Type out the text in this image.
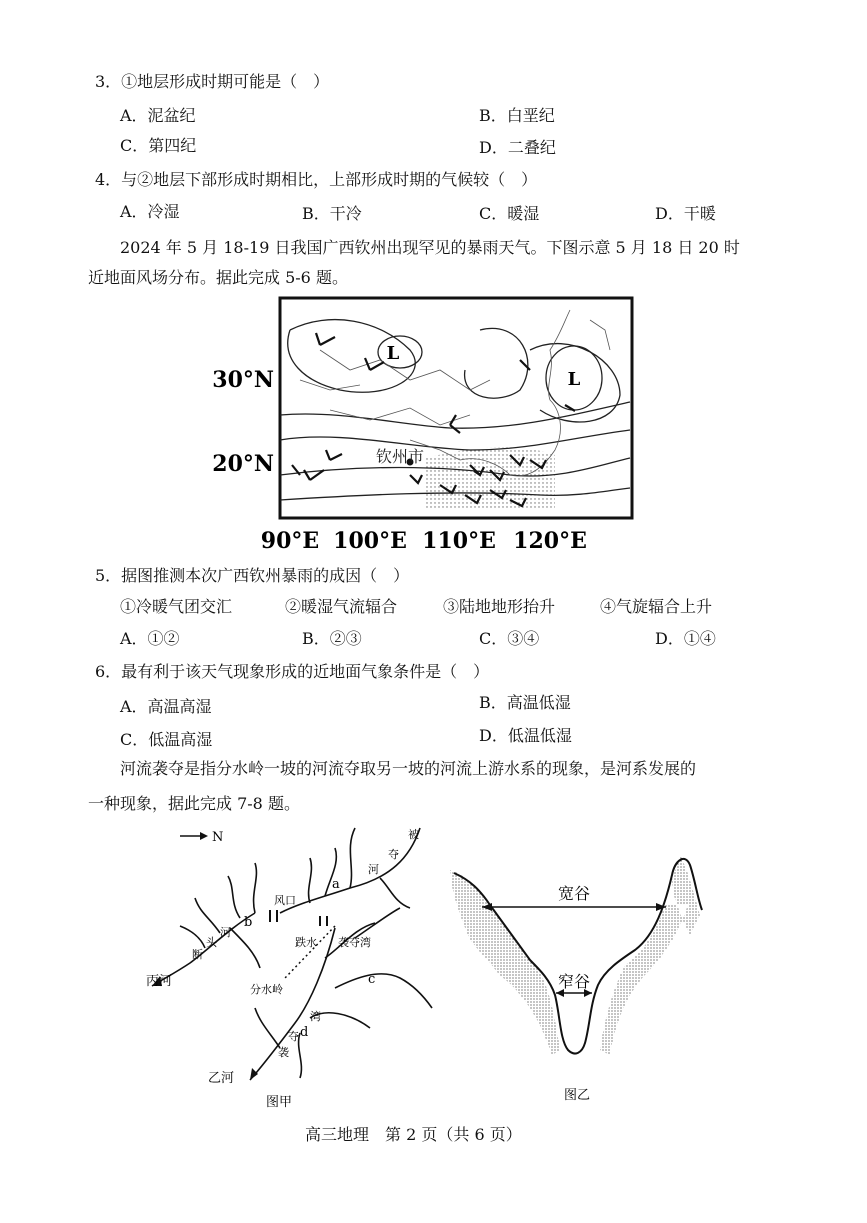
3．①地层形成时期可能是（　）
A．泥盆纪	B．白垩纪
C．第四纪	D．二叠纪
4．与②地层下部形成时期相比，上部形成时期的气候较（　）
A．冷湿	B．干冷	C．暖湿	D．干暖
2024 年 5 月 18-19 日我国广西钦州出现罕见的暴雨天气。下图示意 5 月 18 日 20 时
近地面风场分布。据此完成 5-6 题。
L
L
钦州市
30°N
20°N
90°E 100°E 110°E 120°E
5．据图推测本次广西钦州暴雨的成因（　）
①冷暖气团交汇	②暖湿气流辐合	③陆地地形抬升	④气旋辐合上升
A．①②	B．②③	C．③④	D．①④
6．最有利于该天气现象形成的近地面气象条件是（　）
A．高温高湿	B．高温低湿
C．低温高湿	D．低温低湿
河流袭夺是指分水岭一坡的河流夺取另一坡的河流上游水系的现象，是河系发展的
一种现象，据此完成 7-8 题。
N	被
夺
河
a
风口
b
河
头
断
丙河
跌水 袭夺湾
分水岭
c
d
湾
夺
袭
乙河
图甲
宽谷
窄谷
图乙
高三地理　第 2 页（共 6 页）
